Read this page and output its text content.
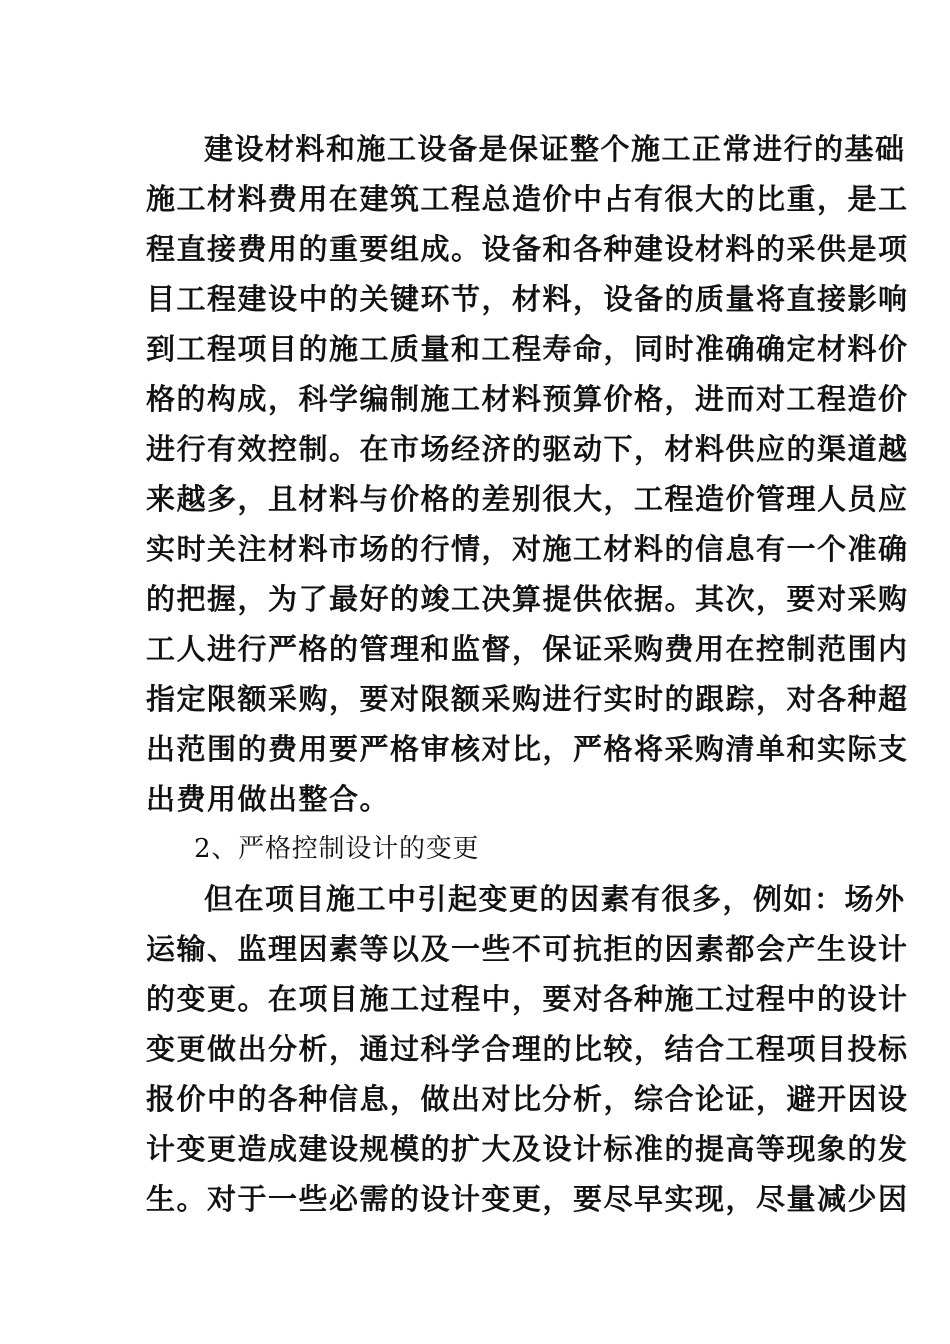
建设材料和施工设备是保证整个施工正常进行的基础
施工材料费用在建筑工程总造价中占有很大的比重，是工
程直接费用的重要组成。设备和各种建设材料的采供是项
目工程建设中的关键环节，材料，设备的质量将直接影响
到工程项目的施工质量和工程寿命，同时准确确定材料价
格的构成，科学编制施工材料预算价格，进而对工程造价
进行有效控制。在市场经济的驱动下，材料供应的渠道越
来越多，且材料与价格的差别很大，工程造价管理人员应
实时关注材料市场的行情，对施工材料的信息有一个准确
的把握，为了最好的竣工决算提供依据。其次，要对采购
工人进行严格的管理和监督，保证采购费用在控制范围内
指定限额采购，要对限额采购进行实时的跟踪，对各种超
出范围的费用要严格审核对比，严格将采购清单和实际支
出费用做出整合。
2、严格控制设计的变更
但在项目施工中引起变更的因素有很多，例如：场外
运输、监理因素等以及一些不可抗拒的因素都会产生设计
的变更。在项目施工过程中，要对各种施工过程中的设计
变更做出分析，通过科学合理的比较，结合工程项目投标
报价中的各种信息，做出对比分析，综合论证，避开因设
计变更造成建设规模的扩大及设计标准的提高等现象的发
生。对于一些必需的设计变更，要尽早实现，尽量减少因
